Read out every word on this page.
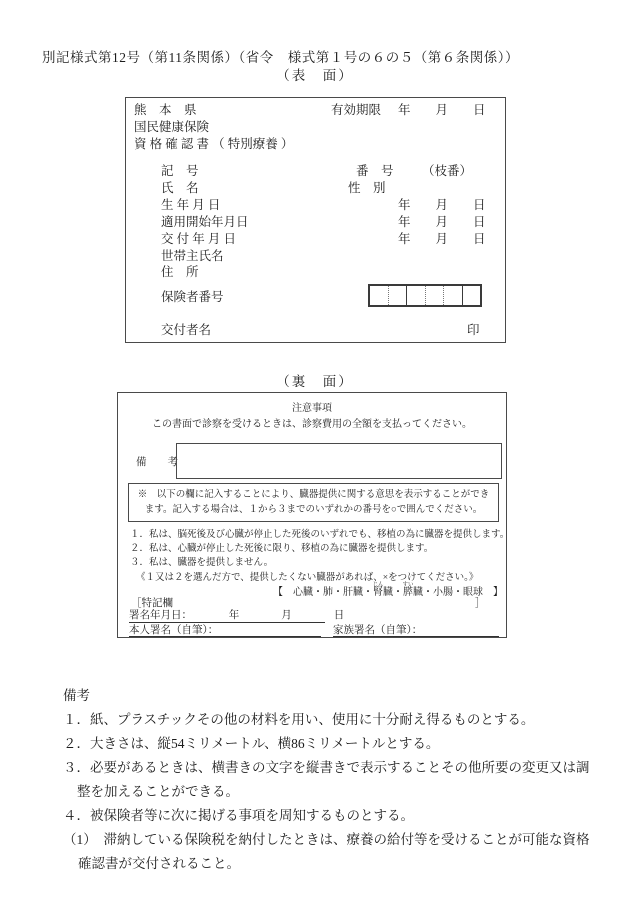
別記様式第12号（第11条関係）（省令　様式第１号の６の５（第６条関係））
（表　面）
熊　本　県	有効期限 年　　月　　日
国民健康保険
資 格 確 認 書 （ 特別療養 ）
記　号	番　号 （枝番）
氏　名	性　別
生 年 月 日	年　　月　　日
適用開始年月日	年　　月　　日
交 付 年 月 日	年　　月　　日
世帯主氏名
住　所
保険者番号
交付者名	印
（裏　面）
注意事項
この書面で診察を受けるときは、診察費用の全額を支払ってください。
備　　考
※　以下の欄に記入することにより、臓器提供に関する意思を表示することができ
ます。記入する場合は、１から３までのいずれかの番号を○で囲んでください。
１．私は、脳死後及び心臓が停止した死後のいずれでも、移植の為に臓器を提供します。
２．私は、心臓が停止した死後に限り、移植の為に臓器を提供します。
３．私は、臓器を提供しません。
《１又は２を選んだ方で、提供したくない臓器があれば、×をつけてください。》
【　心臓・肺・肝臓・腎じん臓・膵すい臓・小腸・眼球　】
［特記欄	］
署名年月日：　　　　年　　　　月　　　　日
本人署名（自筆）：	家族署名（自筆）：
備考

１．紙、プラスチックその他の材料を用い、使用に十分耐え得るものとする。

２．大きさは、縦54ミリメートル、横86ミリメートルとする。

３．必要があるときは、横書きの文字を縦書きで表示することその他所要の変更又は調整を加えることができる。

４．被保険者等に次に掲げる事項を周知するものとする。

（1）　滞納している保険税を納付したときは、療養の給付等を受けることが可能な資格確認書が交付されること。
